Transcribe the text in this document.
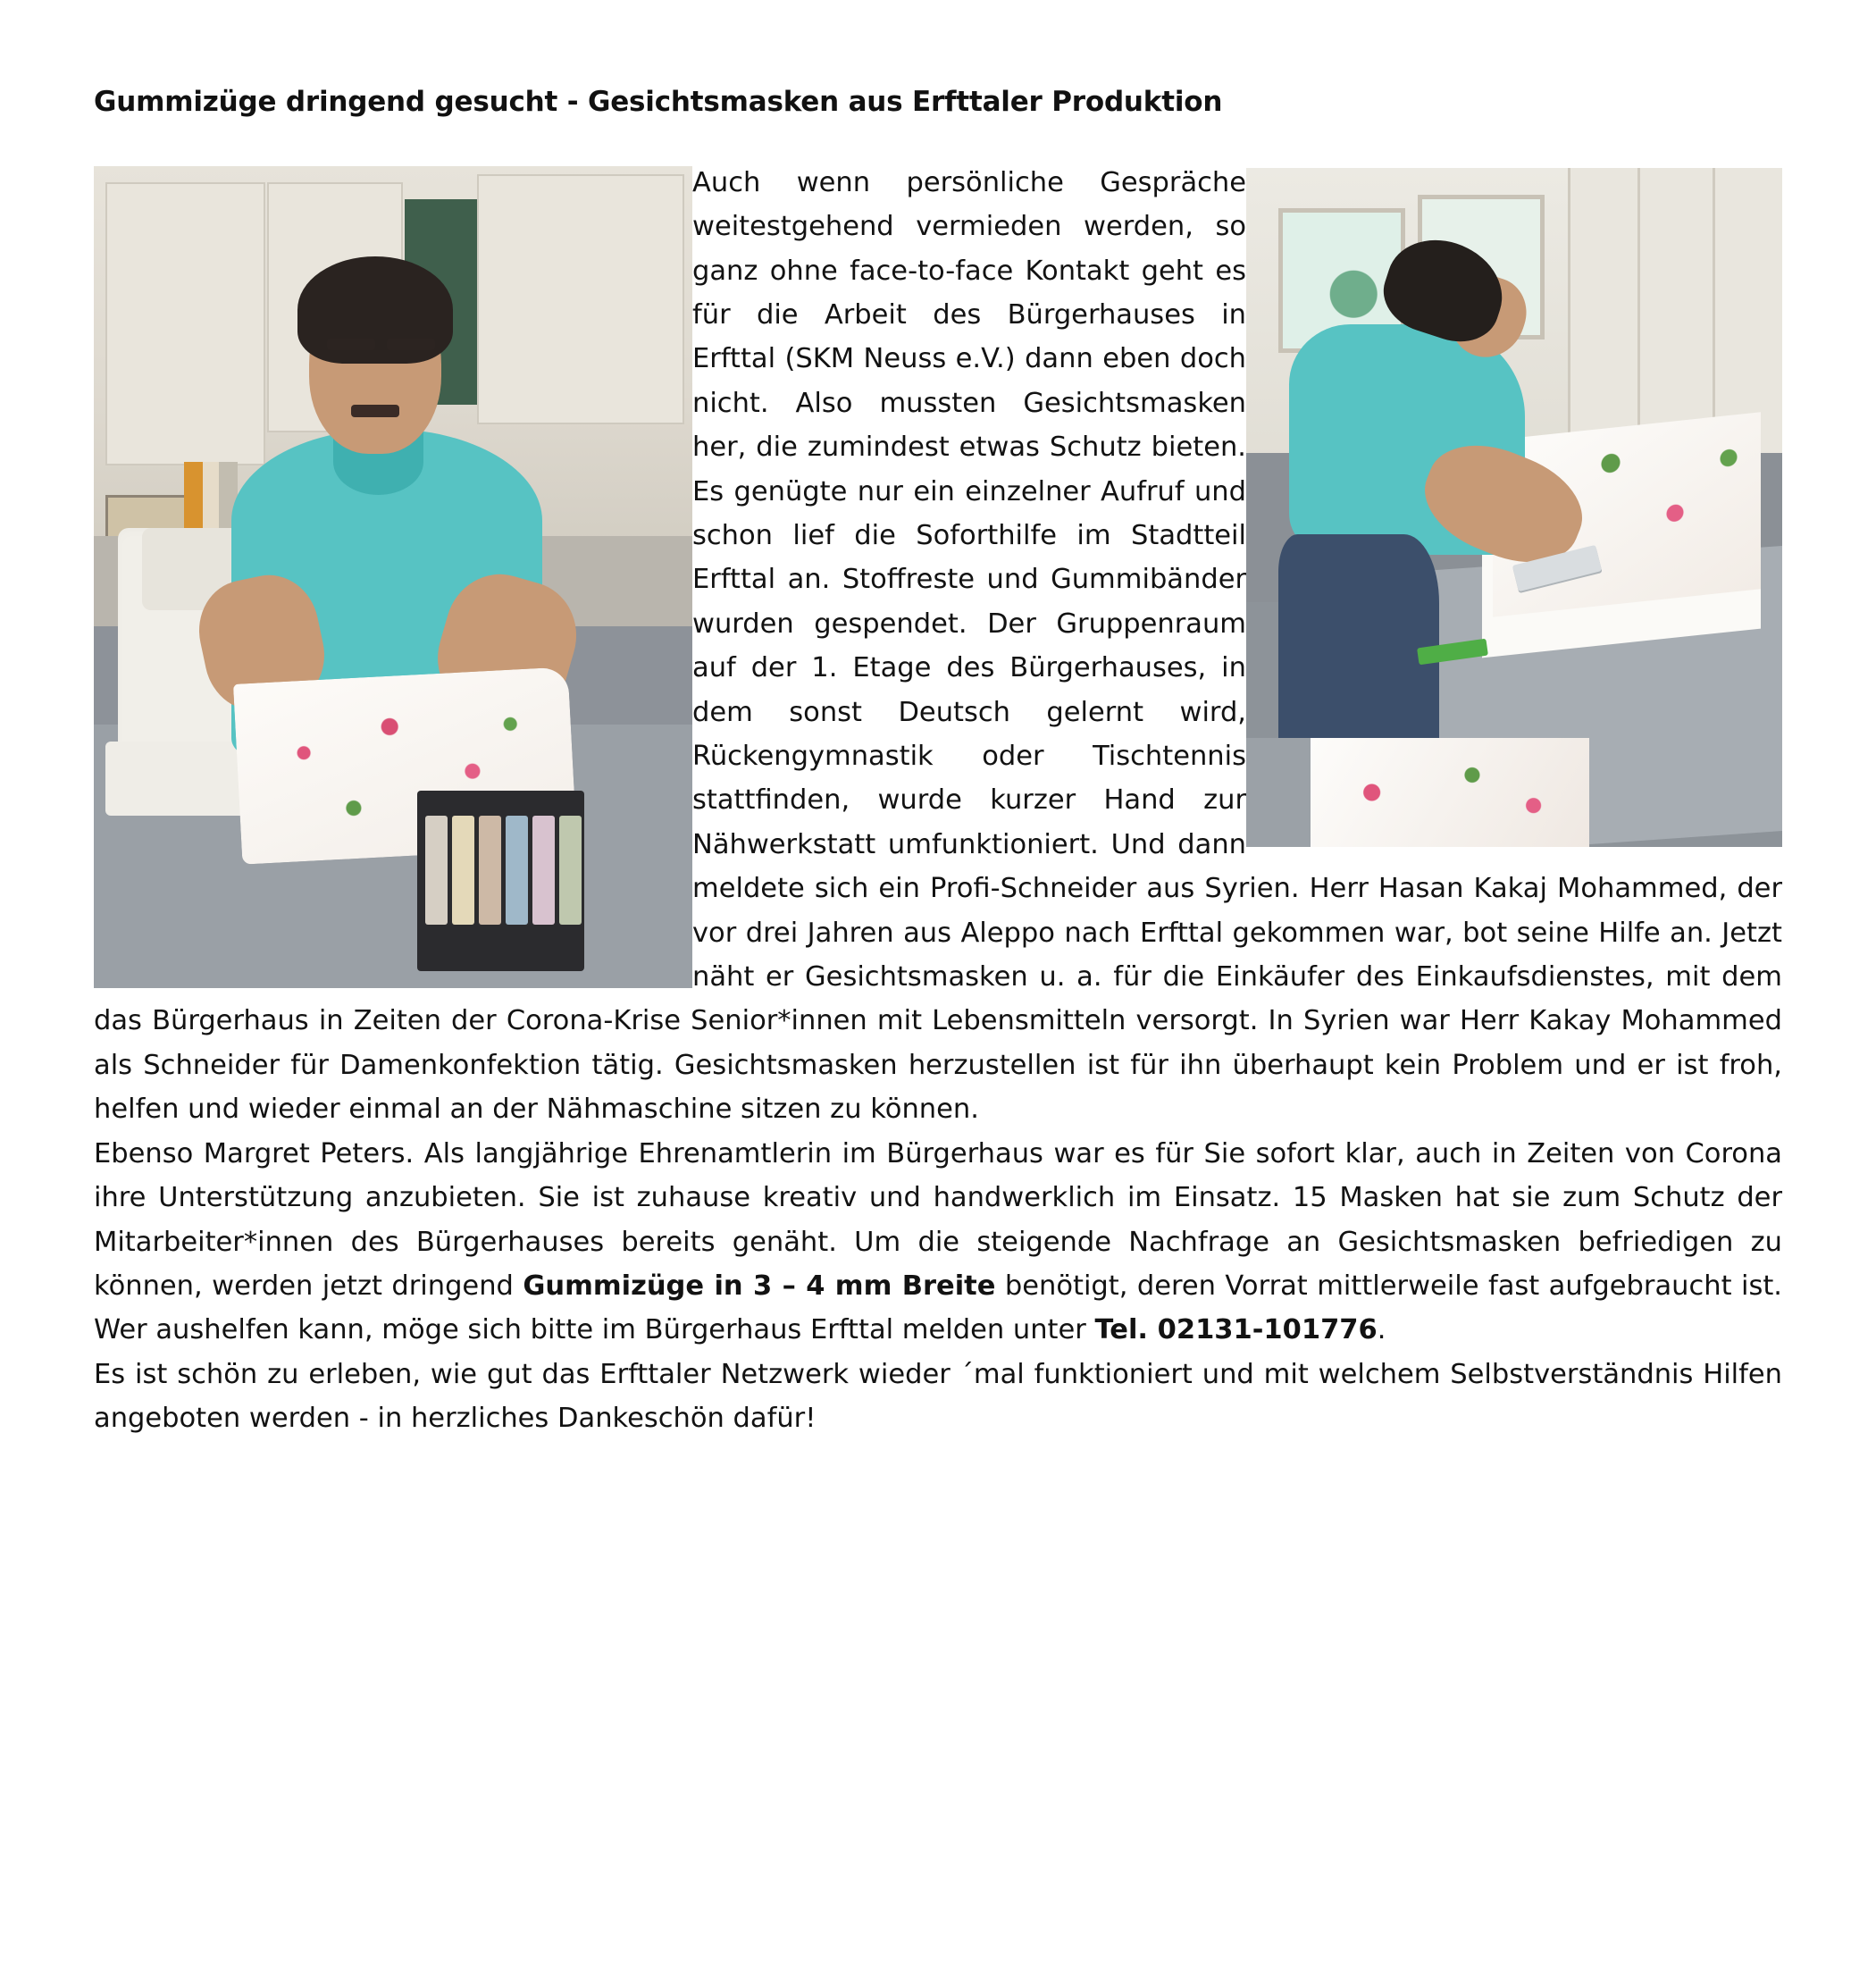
Gummizüge dringend gesucht - Gesichtsmasken aus Erfttaler Produktion

Auch wenn persönliche Gespräche weitestgehend vermieden werden, so ganz ohne face-to-face Kontakt geht es für die Arbeit des Bürgerhauses in Erfttal (SKM Neuss e.V.) dann eben doch nicht. Also mussten Gesichtsmasken her, die zumindest etwas Schutz bieten. Es genügte nur ein einzelner Aufruf und schon lief die Soforthilfe im Stadtteil Erfttal an. Stoffreste und Gummibänder wurden gespendet. Der Gruppenraum auf der 1. Etage des Bürgerhauses, in dem sonst Deutsch gelernt wird, Rückengymnastik oder Tischtennis stattfinden, wurde kurzer Hand zur Nähwerkstatt umfunktioniert. Und dann meldete sich ein Profi-Schneider aus Syrien. Herr Hasan Kakaj Mohammed, der vor drei Jahren aus Aleppo nach Erfttal gekommen war, bot seine Hilfe an. Jetzt näht er Gesichtsmasken u. a. für die Einkäufer des Einkaufsdienstes, mit dem das Bürgerhaus in Zeiten der Corona-Krise Senior*innen mit Lebensmitteln versorgt. In Syrien war Herr Kakay Mohammed als Schneider für Damenkonfektion tätig. Gesichtsmasken herzustellen ist für ihn überhaupt kein Problem und er ist froh, helfen und wieder einmal an der Nähmaschine sitzen zu können.

Ebenso Margret Peters. Als langjährige Ehrenamtlerin im Bürgerhaus war es für Sie sofort klar, auch in Zeiten von Corona ihre Unterstützung anzubieten. Sie ist zuhause kreativ und handwerklich im Einsatz. 15 Masken hat sie zum Schutz der Mitarbeiter*innen des Bürgerhauses bereits genäht. Um die steigende Nachfrage an Gesichtsmasken befriedigen zu können, werden jetzt dringend Gummizüge in 3 – 4 mm Breite benötigt, deren Vorrat mittlerweile fast aufgebraucht ist. Wer aushelfen kann, möge sich bitte im Bürgerhaus Erfttal melden unter Tel. 02131-101776.

Es ist schön zu erleben, wie gut das Erfttaler Netzwerk wieder ´mal funktioniert und mit welchem Selbstverständnis Hilfen angeboten werden - in herzliches Dankeschön dafür!
